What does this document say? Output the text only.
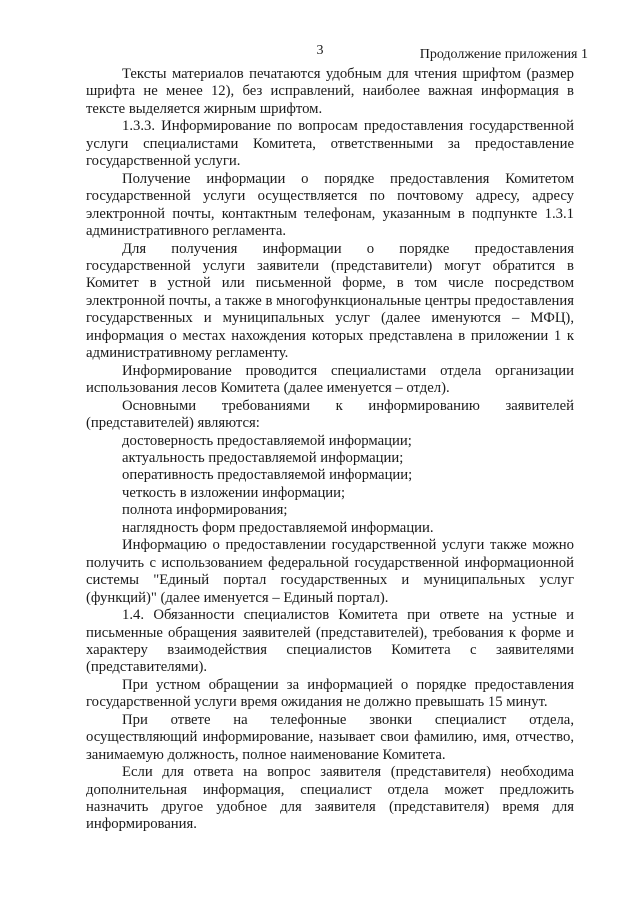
3	Продолжение приложения 1

Тексты материалов печатаются удобным для чтения шрифтом (размер шрифта не менее 12), без исправлений, наиболее важная информация в тексте выделяется жирным шрифтом.

1.3.3. Информирование по вопросам предоставления государственной услуги специалистами Комитета, ответственными за предоставление государственной услуги.

Получение информации о порядке предоставления Комитетом государственной услуги осуществляется по почтовому адресу, адресу электронной почты, контактным телефонам, указанным в подпункте 1.3.1 административного регламента.

Для получения информации о порядке предоставления государственной услуги заявители (представители) могут обратится в Комитет в устной или письменной форме, в том числе посредством электронной почты, а также в многофункциональные центры предоставления государственных и муниципальных услуг (далее именуются – МФЦ), информация о местах нахождения которых представлена в приложении 1 к административному регламенту.

Информирование проводится специалистами отдела организации использования лесов Комитета (далее именуется – отдел).

Основными требованиями к информированию заявителей (представителей) являются:

достоверность предоставляемой информации;

актуальность предоставляемой информации;

оперативность предоставляемой информации;

четкость в изложении информации;

полнота информирования;

наглядность форм предоставляемой информации.

Информацию о предоставлении государственной услуги также можно получить с использованием федеральной государственной информационной системы "Единый портал государственных и муниципальных услуг (функций)" (далее именуется – Единый портал).

1.4. Обязанности специалистов Комитета при ответе на устные и письменные обращения заявителей (представителей), требования к форме и характеру взаимодействия специалистов Комитета с заявителями (представителями).

При устном обращении за информацией о порядке предоставления государственной услуги время ожидания не должно превышать 15 минут.

При ответе на телефонные звонки специалист отдела, осуществляющий информирование, называет свои фамилию, имя, отчество, занимаемую должность, полное наименование Комитета.

Если для ответа на вопрос заявителя (представителя) необходима дополнительная информация, специалист отдела может предложить назначить другое удобное для заявителя (представителя) время для информирования.
